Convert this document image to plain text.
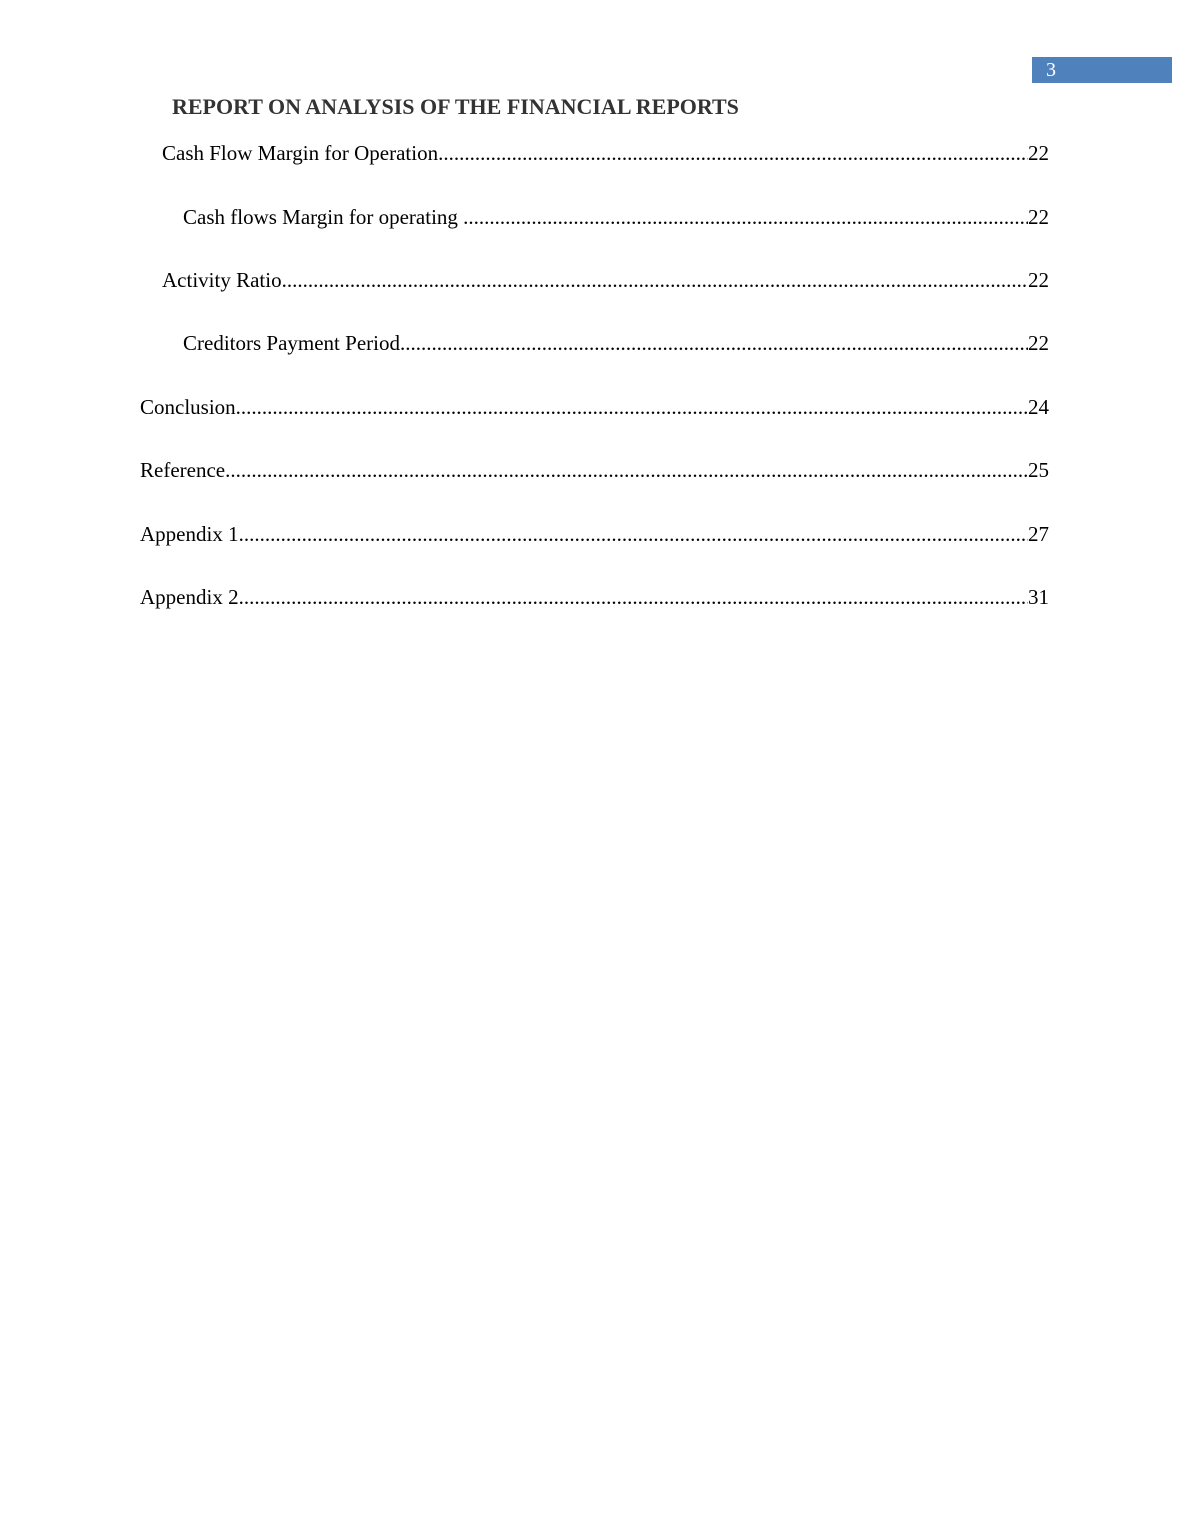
3
REPORT ON ANALYSIS OF THE FINANCIAL REPORTS
Cash Flow Margin for Operation .....	22
Cash flows Margin for operating .....	22
Activity Ratio .....	22
Creditors Payment Period .....	22
Conclusion .....	24
Reference .....	25
Appendix 1 .....	27
Appendix 2 .....	31
